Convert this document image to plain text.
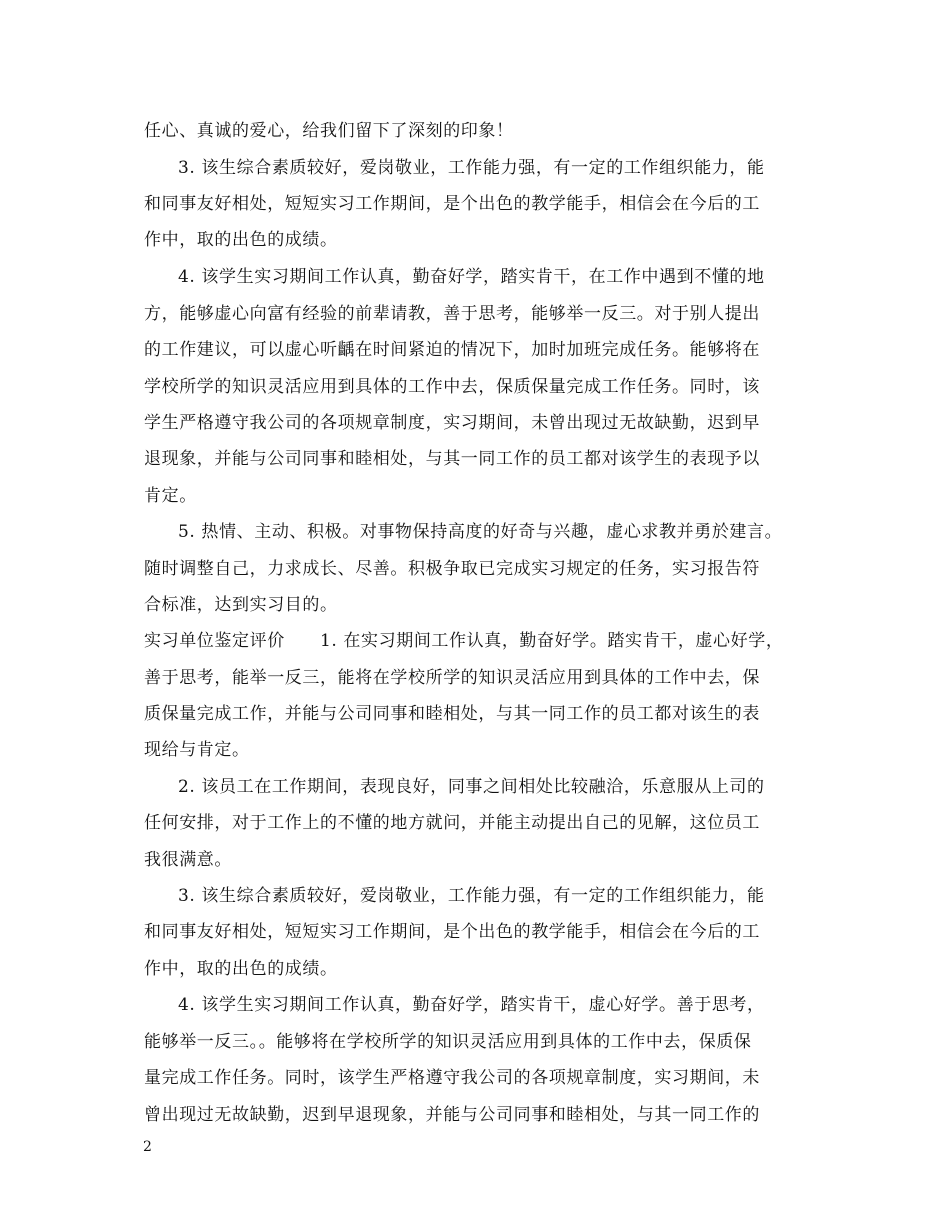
任心、真诚的爱心，给我们留下了深刻的印象！
3. 该生综合素质较好，爱岗敬业，工作能力强，有一定的工作组织能力，能
和同事友好相处，短短实习工作期间，是个出色的教学能手，相信会在今后的工
作中，取的出色的成绩。
4. 该学生实习期间工作认真，勤奋好学，踏实肯干，在工作中遇到不懂的地
方，能够虚心向富有经验的前辈请教，善于思考，能够举一反三。对于别人提出
的工作建议，可以虚心听齲在时间紧迫的情况下，加时加班完成任务。能够将在
学校所学的知识灵活应用到具体的工作中去，保质保量完成工作任务。同时，该
学生严格遵守我公司的各项规章制度，实习期间，未曾出现过无故缺勤，迟到早
退现象，并能与公司同事和睦相处，与其一同工作的员工都对该学生的表现予以
肯定。
5. 热情、主动、积极。对事物保持高度的好奇与兴趣，虚心求教并勇於建言。
随时调整自己，力求成长、尽善。积极争取已完成实习规定的任务，实习报告符
合标准，达到实习目的。
实习单位鉴定评价　　1. 在实习期间工作认真，勤奋好学。踏实肯干，虚心好学，
善于思考，能举一反三，能将在学校所学的知识灵活应用到具体的工作中去，保
质保量完成工作，并能与公司同事和睦相处，与其一同工作的员工都对该生的表
现给与肯定。
2. 该员工在工作期间，表现良好，同事之间相处比较融洽，乐意服从上司的
任何安排，对于工作上的不懂的地方就问，并能主动提出自己的见解，这位员工
我很满意。
3. 该生综合素质较好，爱岗敬业，工作能力强，有一定的工作组织能力，能
和同事友好相处，短短实习工作期间，是个出色的教学能手，相信会在今后的工
作中，取的出色的成绩。
4. 该学生实习期间工作认真，勤奋好学，踏实肯干，虚心好学。善于思考，
能够举一反三。。能够将在学校所学的知识灵活应用到具体的工作中去，保质保
量完成工作任务。同时，该学生严格遵守我公司的各项规章制度，实习期间，未
曾出现过无故缺勤，迟到早退现象，并能与公司同事和睦相处，与其一同工作的
2
